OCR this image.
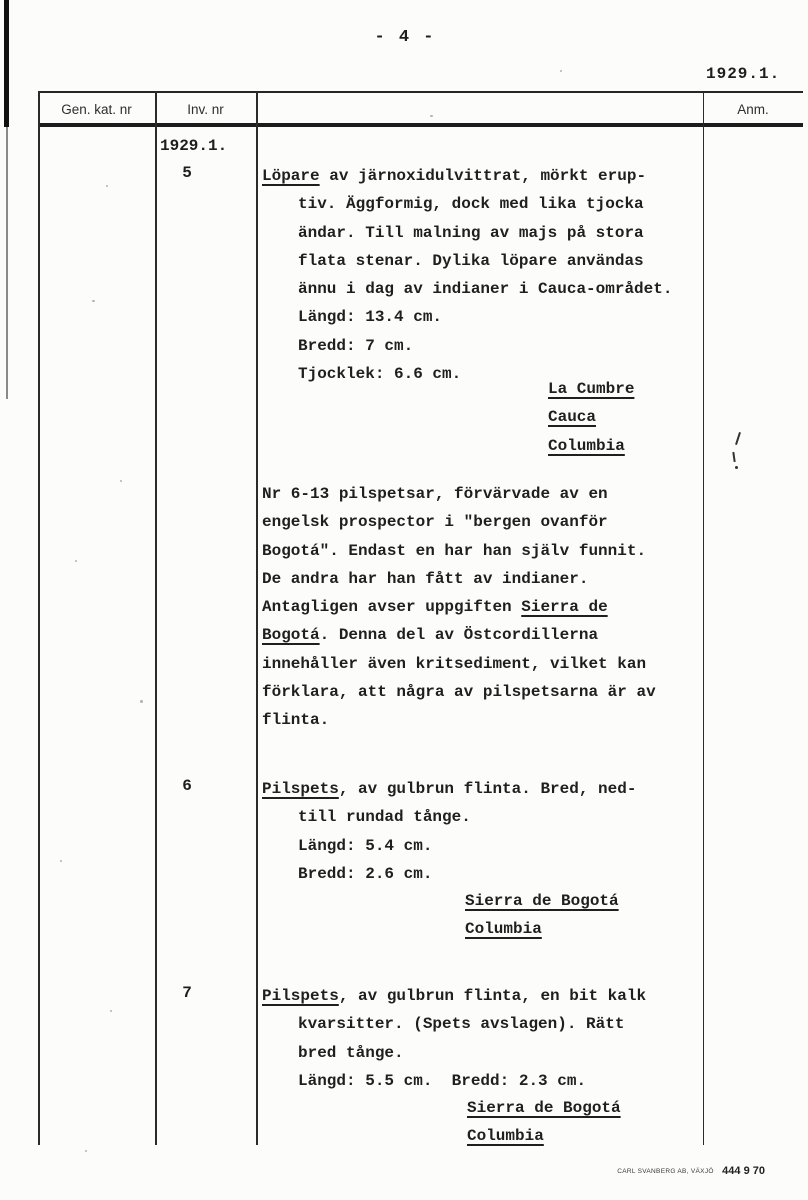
- 4 -
1929.1.
Gen. kat. nr	Inv. nr	Anm.
1929.1.
5
6
7
Löpare av järnoxidulvittrat, mörkt erup-
tiv. Äggformig, dock med lika tjocka
ändar. Till malning av majs på stora
flata stenar. Dylika löpare användas
ännu i dag av indianer i Cauca-området.
Längd: 13.4 cm.
Bredd: 7 cm.
Tjocklek: 6.6 cm.
La Cumbre
Cauca
Columbia
Nr 6-13 pilspetsar, förvärvade av en
engelsk prospector i "bergen ovanför
Bogotá". Endast en har han själv funnit.
De andra har han fått av indianer.
Antagligen avser uppgiften Sierra de
Bogotá. Denna del av Östcordillerna
innehåller även kritsediment, vilket kan
förklara, att några av pilspetsarna är av
flinta.
Pilspets, av gulbrun flinta. Bred, ned-
till rundad tånge.
Längd: 5.4 cm.
Bredd: 2.6 cm.
Sierra de Bogotá
Columbia
Pilspets, av gulbrun flinta, en bit kalk
kvarsitter. (Spets avslagen). Rätt
bred tånge.
Längd: 5.5 cm.  Bredd: 2.3 cm.
Sierra de Bogotá
Columbia
CARL SVANBERG AB, VÄXJÖ 444 9 70
